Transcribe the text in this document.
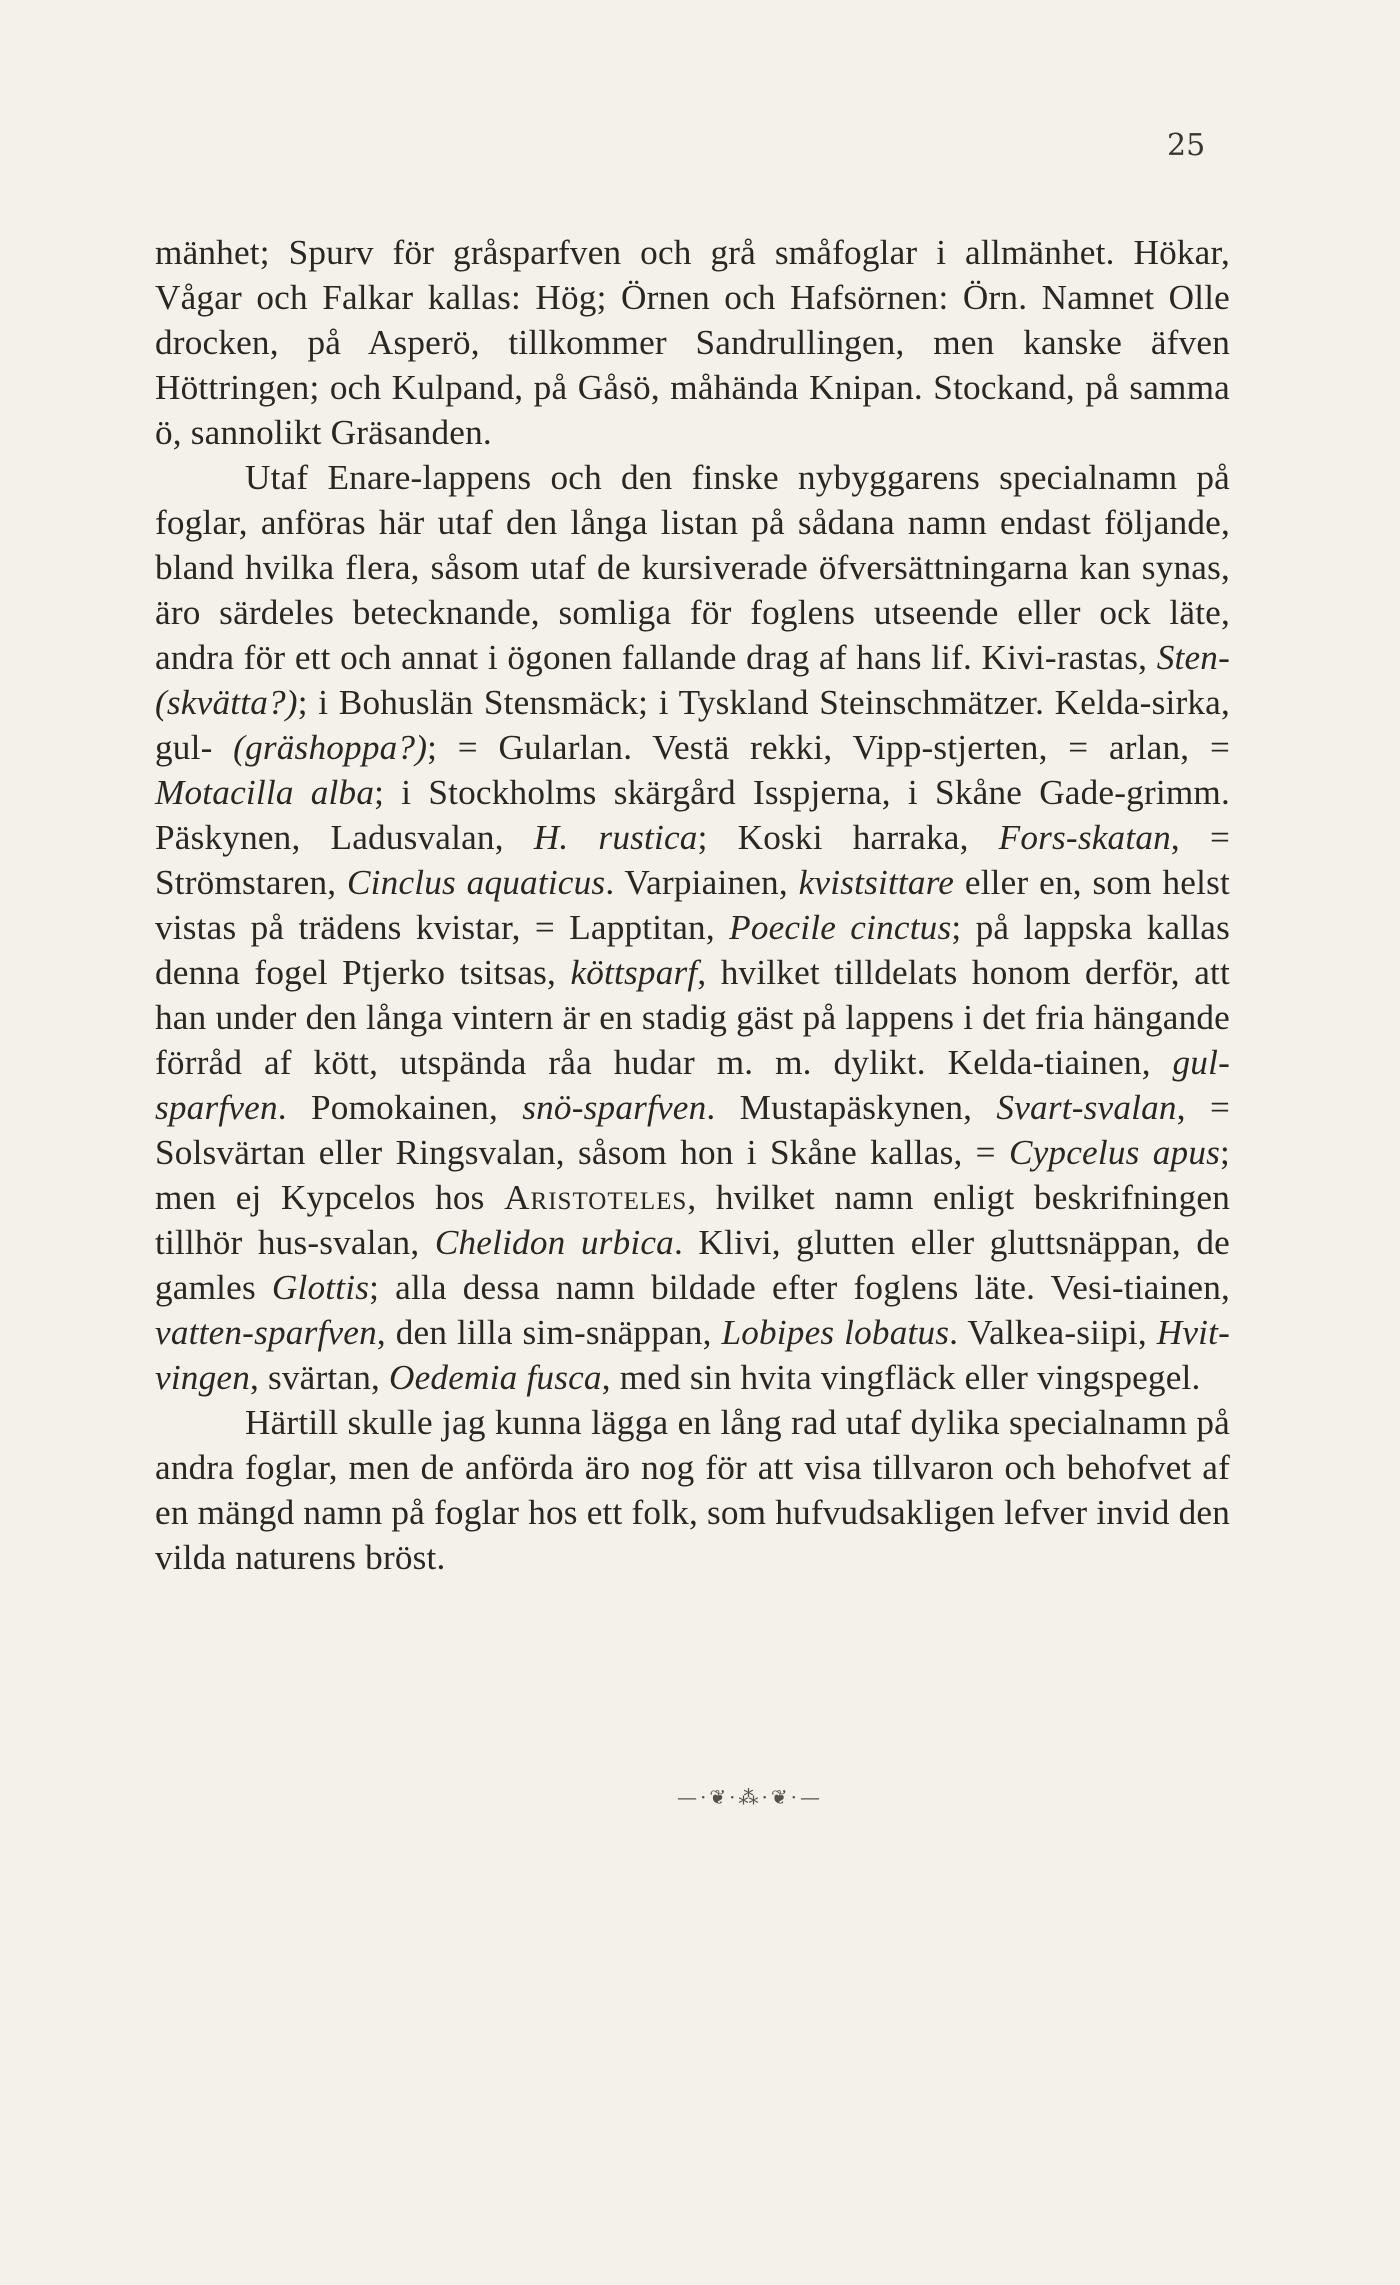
25

mänhet; Spurv för gråsparfven och grå småfoglar i allmänhet. Hökar, Vågar och Falkar kallas: Hög; Örnen och Hafsörnen: Örn. Namnet Olle drocken, på Asperö, tillkommer Sandrullingen, men kanske äfven Höttringen; och Kulpand, på Gåsö, måhända Knipan. Stockand, på samma ö, sannolikt Gräsanden.

Utaf Enare-lappens och den finske nybyggarens specialnamn på foglar, anföras här utaf den långa listan på sådana namn endast följande, bland hvilka flera, såsom utaf de kursiverade öfversättningarna kan synas, äro särdeles betecknande, somliga för foglens utseende eller ock läte, andra för ett och annat i ögonen fallande drag af hans lif. Kivi-rastas, Sten- (skvätta?); i Bohuslän Stensmäck; i Tyskland Steinschmätzer. Kelda-sirka, gul- (gräshoppa?); = Gularlan. Vestä rekki, Vipp-stjerten, = arlan, = Motacilla alba; i Stockholms skärgård Isspjerna, i Skåne Gade-grimm. Päskynen, Ladusvalan, H. rustica; Koski harraka, Fors-skatan, = Strömstaren, Cinclus aquaticus. Varpiainen, kvistsittare eller en, som helst vistas på trädens kvistar, = Lapptitan, Poecile cinctus; på lappska kallas denna fogel Ptjerko tsitsas, köttsparf, hvilket tilldelats honom derför, att han under den långa vintern är en stadig gäst på lappens i det fria hängande förråd af kött, utspända råa hudar m. m. dylikt. Kelda-tiainen, gul-sparfven. Pomokainen, snö-sparfven. Mustapäskynen, Svart-svalan, = Solsvärtan eller Ringsvalan, såsom hon i Skåne kallas, = Cypcelus apus; men ej Kypcelos hos Aristoteles, hvilket namn enligt beskrifningen tillhör hus-svalan, Chelidon urbica. Klivi, glutten eller gluttsnäppan, de gamles Glottis; alla dessa namn bildade efter foglens läte. Vesi-tiainen, vatten-sparfven, den lilla sim-snäppan, Lobipes lobatus. Valkea-siipi, Hvit-vingen, svärtan, Oedemia fusca, med sin hvita vingfläck eller vingspegel.

Härtill skulle jag kunna lägga en lång rad utaf dylika specialnamn på andra foglar, men de anförda äro nog för att visa tillvaron och behofvet af en mängd namn på foglar hos ett folk, som hufvudsakligen lefver invid den vilda naturens bröst.

—·❦·⁂·❦·—
